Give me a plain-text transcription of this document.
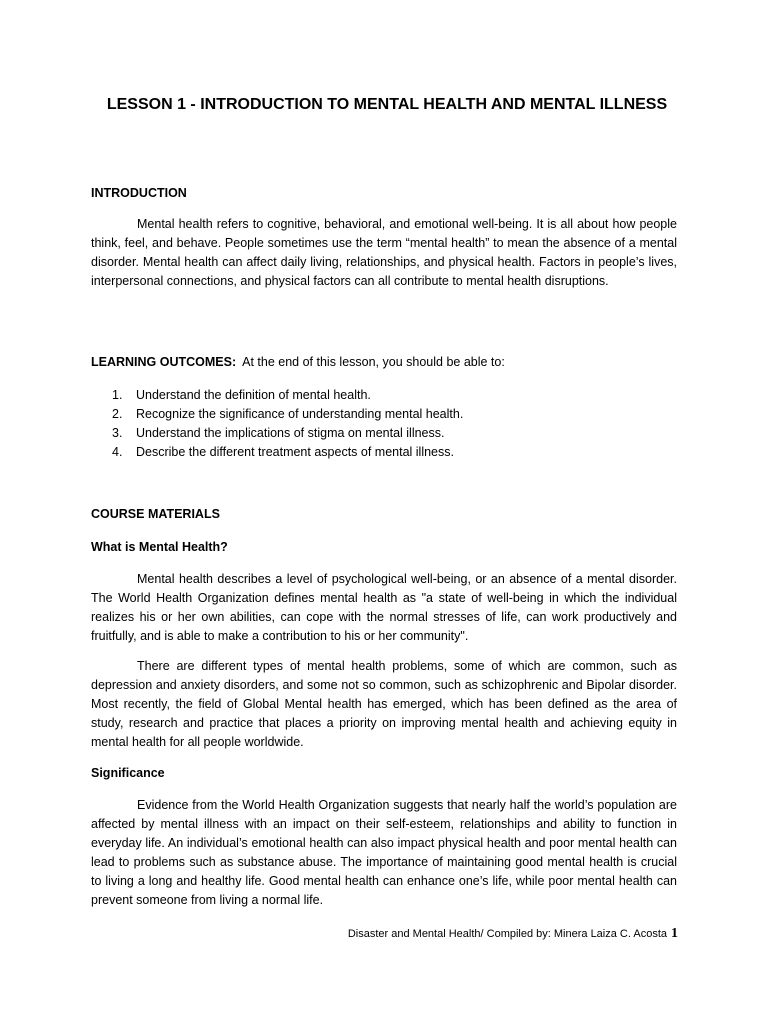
LESSON 1 - INTRODUCTION TO MENTAL HEALTH AND MENTAL ILLNESS
INTRODUCTION
Mental health refers to cognitive, behavioral, and emotional well-being. It is all about how people think, feel, and behave. People sometimes use the term “mental health” to mean the absence of a mental disorder. Mental health can affect daily living, relationships, and physical health. Factors in people’s lives, interpersonal connections, and physical factors can all contribute to mental health disruptions.
LEARNING OUTCOMES: At the end of this lesson, you should be able to:
1.	Understand the definition of mental health.
2.	Recognize the significance of understanding mental health.
3.	Understand the implications of stigma on mental illness.
4.	Describe the different treatment aspects of mental illness.
COURSE MATERIALS
What is Mental Health?
Mental health describes a level of psychological well-being, or an absence of a mental disorder. The World Health Organization defines mental health as "a state of well-being in which the individual realizes his or her own abilities, can cope with the normal stresses of life, can work productively and fruitfully, and is able to make a contribution to his or her community".
There are different types of mental health problems, some of which are common, such as depression and anxiety disorders, and some not so common, such as schizophrenic and Bipolar disorder. Most recently, the field of Global Mental health has emerged, which has been defined as the area of study, research and practice that places a priority on improving mental health and achieving equity in mental health for all people worldwide.
Significance
Evidence from the World Health Organization suggests that nearly half the world’s population are affected by mental illness with an impact on their self-esteem, relationships and ability to function in everyday life. An individual’s emotional health can also impact physical health and poor mental health can lead to problems such as substance abuse. The importance of maintaining good mental health is crucial to living a long and healthy life. Good mental health can enhance one’s life, while poor mental health can prevent someone from living a normal life.
Disaster and Mental Health/ Compiled by: Minera Laiza C. Acosta 1
